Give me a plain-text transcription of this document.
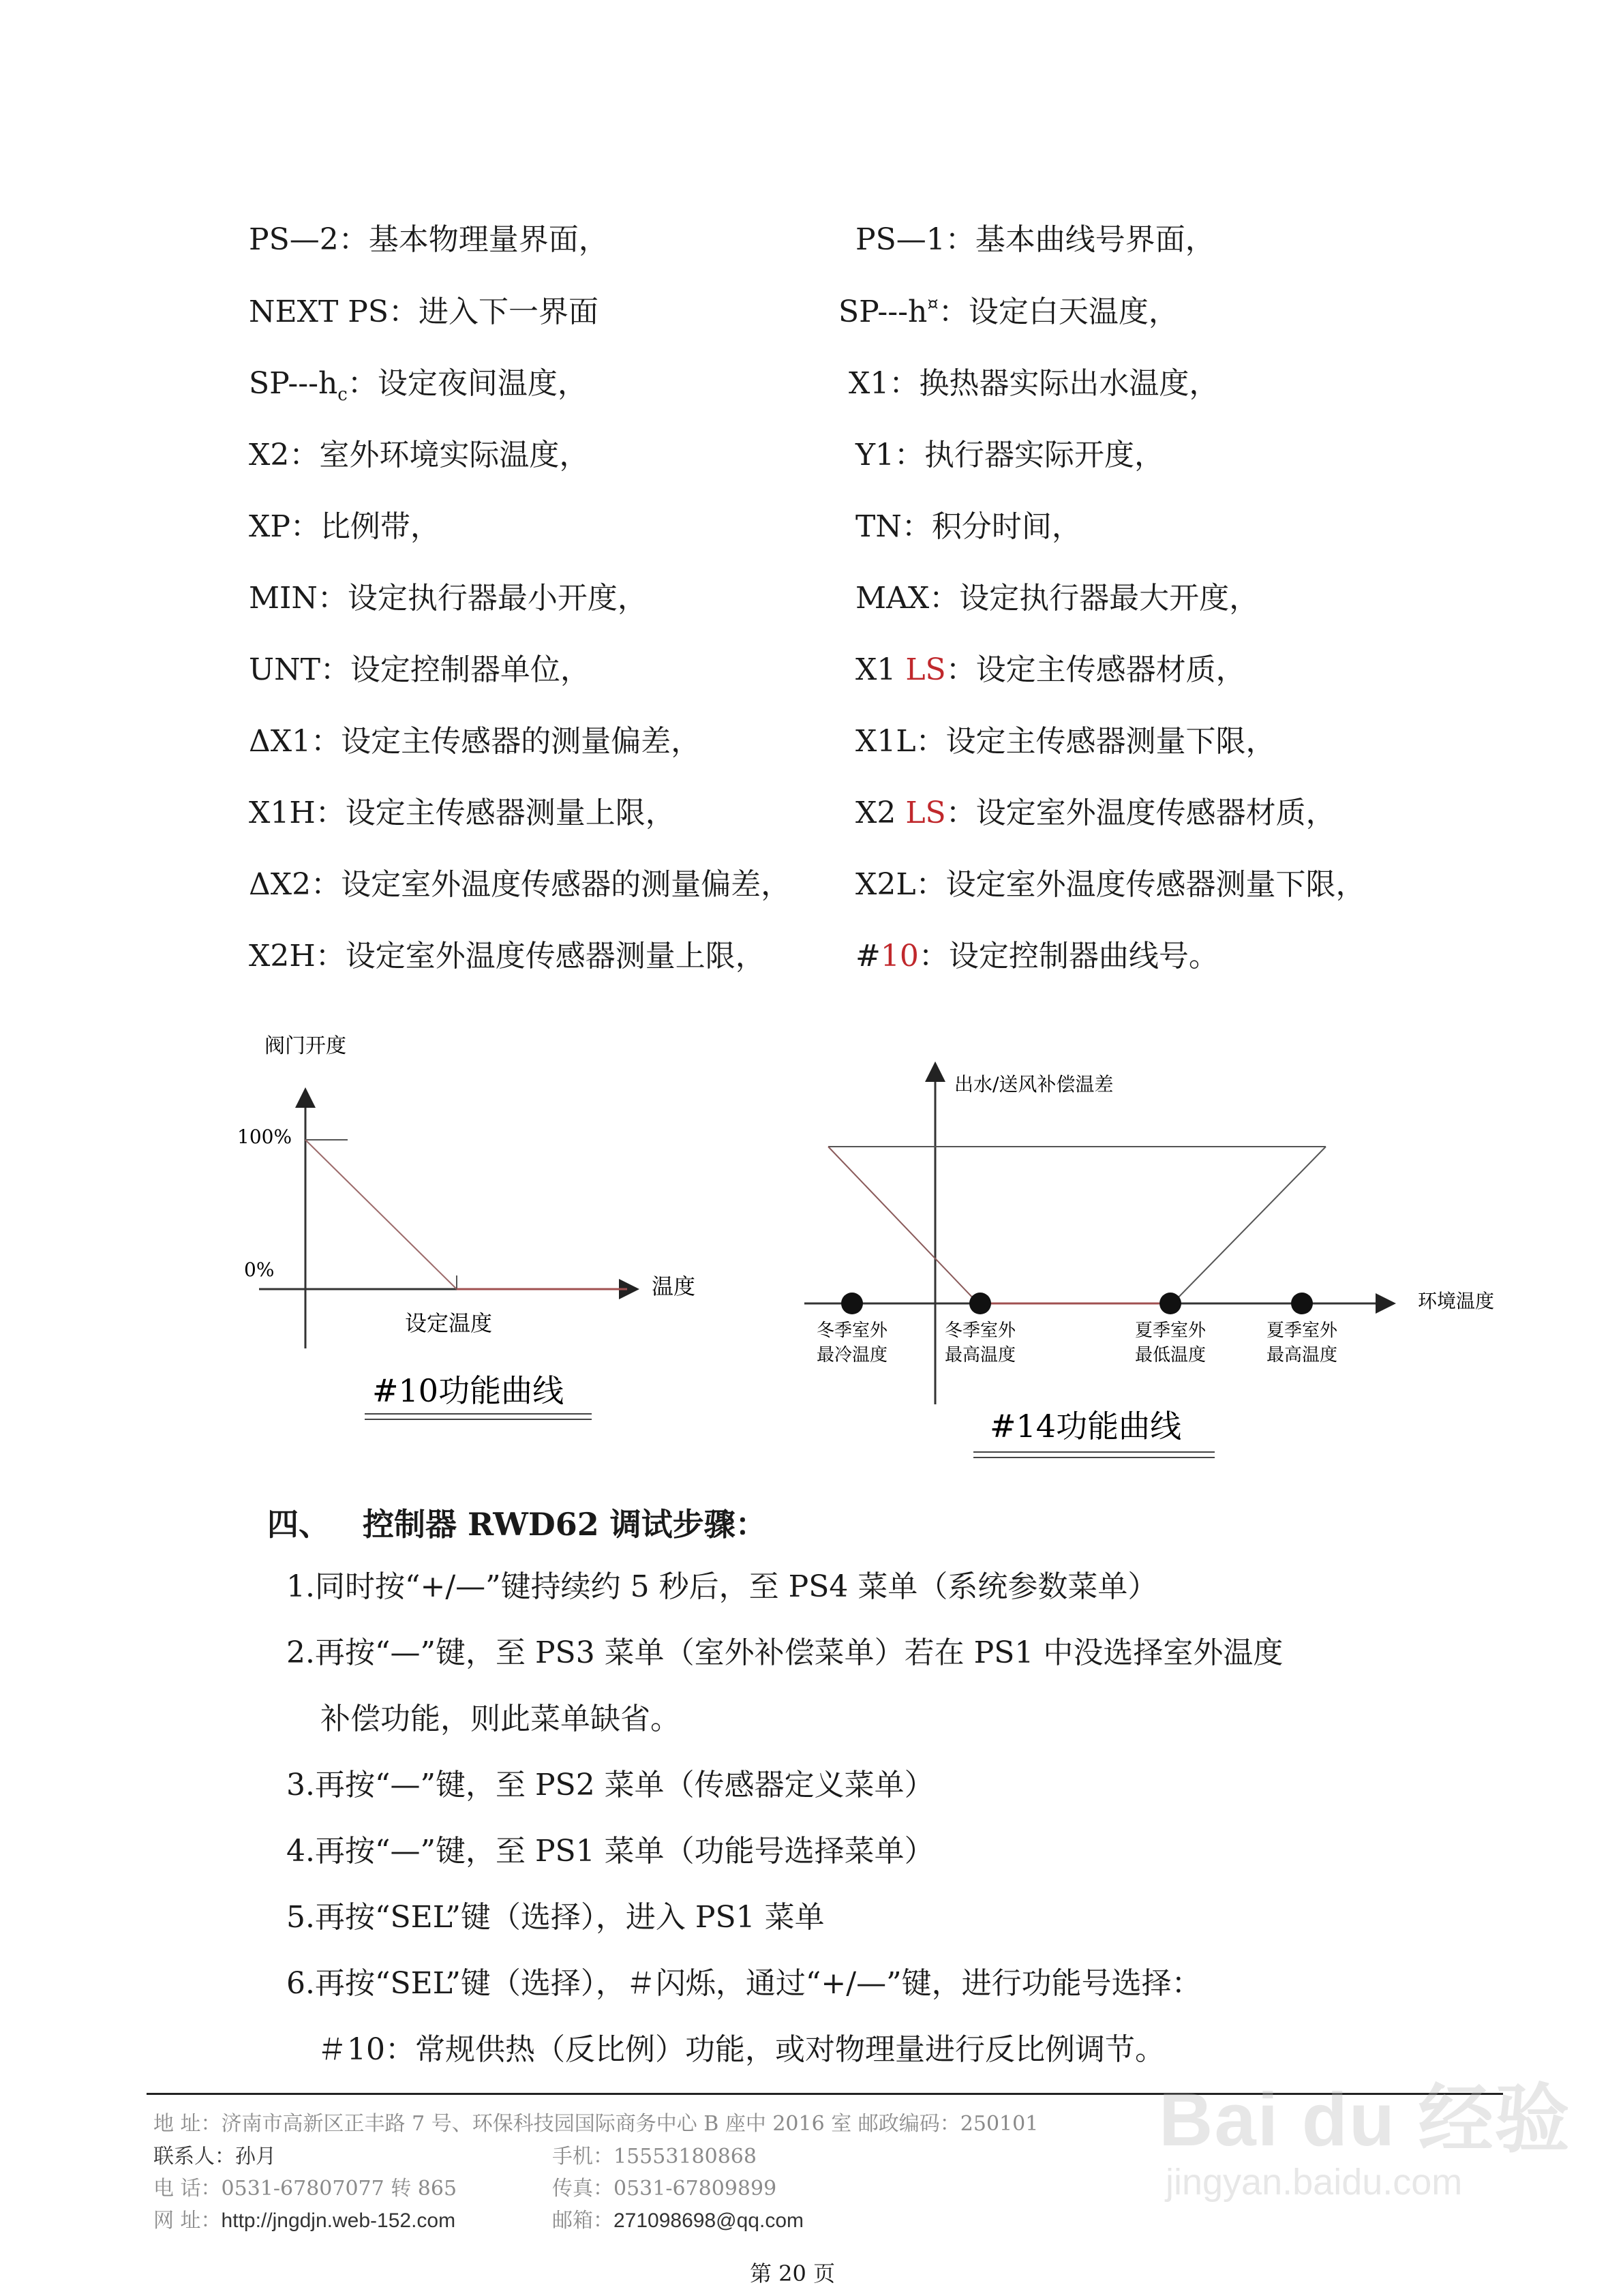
PS—2：基本物理量界面，	PS—1：基本曲线号界面，
NEXT PS：进入下一界面	SP---h¤：设定白天温度，
$SP---h_c$：设定夜间温度，	X1：换热器实际出水温度，
X2：室外环境实际温度，	Y1：执行器实际开度，
XP：比例带，	TN：积分时间，
MIN：设定执行器最小开度，	MAX：设定执行器最大开度，
UNT：设定控制器单位，	X1 LS：设定主传感器材质，
ΔX1：设定主传感器的测量偏差，	X1L：设定主传感器测量下限，
X1H：设定主传感器测量上限，	X2 LS：设定室外温度传感器材质，
ΔX2：设定室外温度传感器的测量偏差， X2L：设定室外温度传感器测量下限，
X2H：设定室外温度传感器测量上限，	#10：设定控制器曲线号。
阀门开度
100%
0%
设定温度
温度
#10功能曲线
出水/送风补偿温差
环境温度
冬季室外
最冷温度
冬季室外
最高温度
夏季室外
最低温度
夏季室外
最高温度
#14功能曲线
四、 控制器 RWD62 调试步骤：
1.同时按“+/—”键持续约 5 秒后，至 PS4 菜单（系统参数菜单）
2.再按“—”键，至 PS3 菜单（室外补偿菜单）若在 PS1 中没选择室外温度
补偿功能，则此菜单缺省。
3.再按“—”键，至 PS2 菜单（传感器定义菜单）
4.再按“—”键，至 PS1 菜单（功能号选择菜单）
5.再按“SEL”键（选择），进入 PS1 菜单
6.再按“SEL”键（选择），＃闪烁，通过“+/—”键，进行功能号选择：
＃10：常规供热（反比例）功能，或对物理量进行反比例调节。
地 址：济南市高新区正丰路 7 号、环保科技园国际商务中心 B 座中 2016 室 邮政编码：250101
联系人：孙月	手机：15553180868
电 话：0531-67807077 转 865	传真：0531-67809899
网 址：http://jngdjn.web-152.com	邮箱：271098698@qq.com
第 20 页
Bai du 经验
jingyan.baidu.com
